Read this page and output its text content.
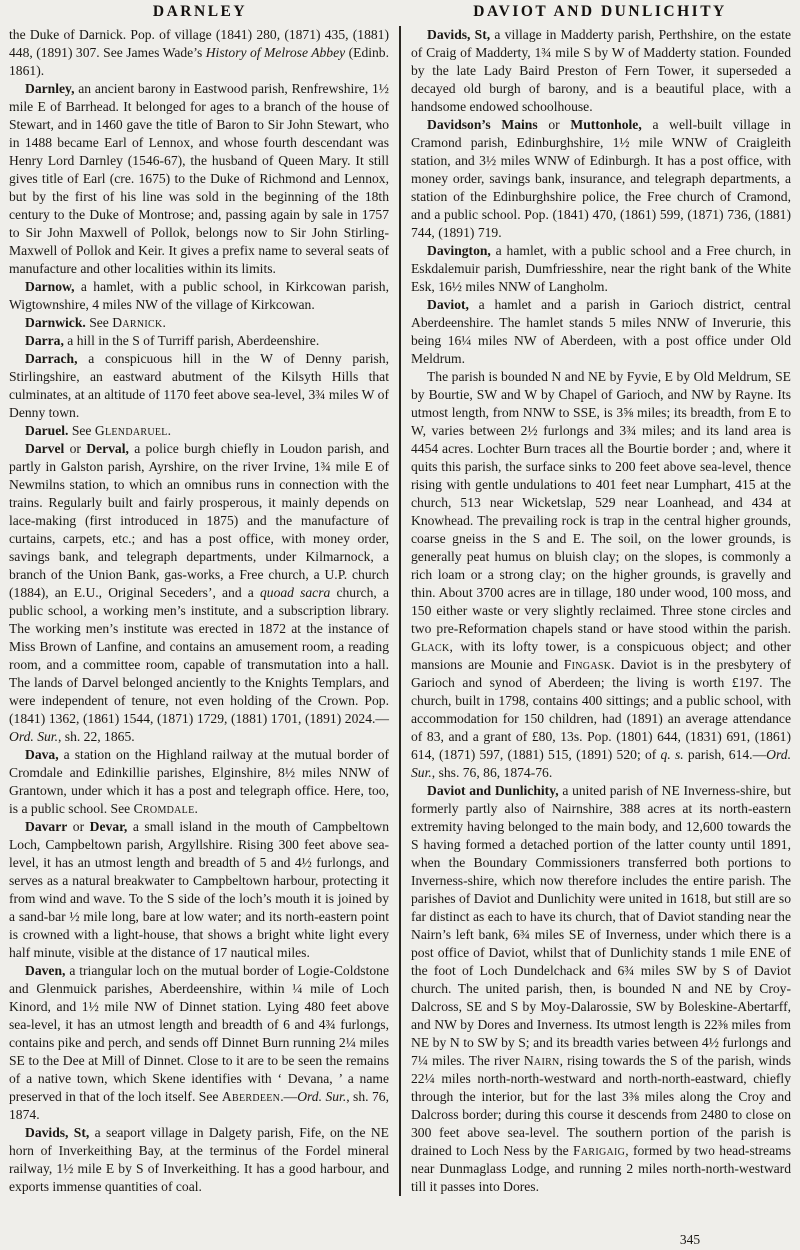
DARNLEY	DAVIOT AND DUNLICHITY

the Duke of Darnick. Pop. of village (1841) 280, (1871) 435, (1881) 448, (1891) 307. See James Wade’s History of Melrose Abbey (Edinb. 1861).

Darnley, an ancient barony in Eastwood parish, Renfrewshire, 1½ mile E of Barrhead. It belonged for ages to a branch of the house of Stewart, and in 1460 gave the title of Baron to Sir John Stewart, who in 1488 became Earl of Lennox, and whose fourth descendant was Henry Lord Darnley (1546-67), the husband of Queen Mary. It still gives title of Earl (cre. 1675) to the Duke of Richmond and Lennox, but by the first of his line was sold in the beginning of the 18th century to the Duke of Montrose; and, passing again by sale in 1757 to Sir John Maxwell of Pollok, belongs now to Sir John Stirling-Maxwell of Pollok and Keir. It gives a prefix name to several seats of manufacture and other localities within its limits.

Darnow, a hamlet, with a public school, in Kirkcowan parish, Wigtownshire, 4 miles NW of the village of Kirkcowan.

Darnwick. See Darnick.

Darra, a hill in the S of Turriff parish, Aberdeenshire.

Darrach, a conspicuous hill in the W of Denny parish, Stirlingshire, an eastward abutment of the Kilsyth Hills that culminates, at an altitude of 1170 feet above sea-level, 3¾ miles W of Denny town.

Daruel. See Glendaruel.

Darvel or Derval, a police burgh chiefly in Loudon parish, and partly in Galston parish, Ayrshire, on the river Irvine, 1¾ mile E of Newmilns station, to which an omnibus runs in connection with the trains. Regularly built and fairly prosperous, it mainly depends on lace-making (first introduced in 1875) and the manufacture of curtains, carpets, etc.; and has a post office, with money order, savings bank, and telegraph departments, under Kilmarnock, a branch of the Union Bank, gas-works, a Free church, a U.P. church (1884), an E.U., Original Seceders’, and a quoad sacra church, a public school, a working men’s institute, and a subscription library. The working men’s institute was erected in 1872 at the instance of Miss Brown of Lanfine, and contains an amusement room, a reading room, and a committee room, capable of transmutation into a hall. The lands of Darvel belonged anciently to the Knights Templars, and were independent of tenure, not even holding of the Crown. Pop. (1841) 1362, (1861) 1544, (1871) 1729, (1881) 1701, (1891) 2024.—Ord. Sur., sh. 22, 1865.

Dava, a station on the Highland railway at the mutual border of Cromdale and Edinkillie parishes, Elginshire, 8½ miles NNW of Grantown, under which it has a post and telegraph office. Here, too, is a public school. See Cromdale.

Davarr or Devar, a small island in the mouth of Campbeltown Loch, Campbeltown parish, Argyllshire. Rising 300 feet above sea-level, it has an utmost length and breadth of 5 and 4½ furlongs, and serves as a natural breakwater to Campbeltown harbour, protecting it from wind and wave. To the S side of the loch’s mouth it is joined by a sand-bar ½ mile long, bare at low water; and its north-eastern point is crowned with a light-house, that shows a bright white light every half minute, visible at the distance of 17 nautical miles.

Daven, a triangular loch on the mutual border of Logie-Coldstone and Glenmuick parishes, Aberdeenshire, within ¼ mile of Loch Kinord, and 1½ mile NW of Dinnet station. Lying 480 feet above sea-level, it has an utmost length and breadth of 6 and 4¾ furlongs, contains pike and perch, and sends off Dinnet Burn running 2¼ miles SE to the Dee at Mill of Dinnet. Close to it are to be seen the remains of a native town, which Skene identifies with ‘ Devana, ’ a name preserved in that of the loch itself. See Aberdeen.—Ord. Sur., sh. 76, 1874.

Davids, St, a seaport village in Dalgety parish, Fife, on the NE horn of Inverkeithing Bay, at the terminus of the Fordel mineral railway, 1½ mile E by S of Inverkeithing. It has a good harbour, and exports immense quantities of coal.

Davids, St, a village in Madderty parish, Perthshire, on the estate of Craig of Madderty, 1¾ mile S by W of Madderty station. Founded by the late Lady Baird Preston of Fern Tower, it superseded a decayed old burgh of barony, and is a beautiful place, with a handsome endowed schoolhouse.

Davidson’s Mains or Muttonhole, a well-built village in Cramond parish, Edinburghshire, 1½ mile WNW of Craigleith station, and 3½ miles WNW of Edinburgh. It has a post office, with money order, savings bank, insurance, and telegraph departments, a station of the Edinburghshire police, the Free church of Cramond, and a public school. Pop. (1841) 470, (1861) 599, (1871) 736, (1881) 744, (1891) 719.

Davington, a hamlet, with a public school and a Free church, in Eskdalemuir parish, Dumfriesshire, near the right bank of the White Esk, 16½ miles NNW of Langholm.

Daviot, a hamlet and a parish in Garioch district, central Aberdeenshire. The hamlet stands 5 miles NNW of Inverurie, this being 16¼ miles NW of Aberdeen, with a post office under Old Meldrum.

The parish is bounded N and NE by Fyvie, E by Old Meldrum, SE by Bourtie, SW and W by Chapel of Garioch, and NW by Rayne. Its utmost length, from NNW to SSE, is 3⅝ miles; its breadth, from E to W, varies between 2½ furlongs and 3¾ miles; and its land area is 4454 acres. Lochter Burn traces all the Bourtie border ; and, where it quits this parish, the surface sinks to 200 feet above sea-level, thence rising with gentle undulations to 401 feet near Lumphart, 415 at the church, 513 near Wicketslap, 529 near Loanhead, and 434 at Knowhead. The prevailing rock is trap in the central higher grounds, coarse gneiss in the S and E. The soil, on the lower grounds, is generally peat humus on bluish clay; on the slopes, is commonly a rich loam or a strong clay; on the higher grounds, is gravelly and thin. About 3700 acres are in tillage, 180 under wood, 100 moss, and 150 either waste or very slightly reclaimed. Three stone circles and two pre-Reformation chapels stand or have stood within the parish. Glack, with its lofty tower, is a conspicuous object; and other mansions are Mounie and Fingask. Daviot is in the presbytery of Garioch and synod of Aberdeen; the living is worth £197. The church, built in 1798, contains 400 sittings; and a public school, with accommodation for 150 children, had (1891) an average attendance of 83, and a grant of £80, 13s. Pop. (1801) 644, (1831) 691, (1861) 614, (1871) 597, (1881) 515, (1891) 520; of q. s. parish, 614.—Ord. Sur., shs. 76, 86, 1874-76.

Daviot and Dunlichity, a united parish of NE Inverness-shire, but formerly partly also of Nairnshire, 388 acres at its north-eastern extremity having belonged to the main body, and 12,600 towards the S having formed a detached portion of the latter county until 1891, when the Boundary Commissioners transferred both portions to Inverness-shire, which now therefore includes the entire parish. The parishes of Daviot and Dunlichity were united in 1618, but still are so far distinct as each to have its church, that of Daviot standing near the Nairn’s left bank, 6¾ miles SE of Inverness, under which there is a post office of Daviot, whilst that of Dunlichity stands 1 mile ENE of the foot of Loch Dundelchack and 6¾ miles SW by S of Daviot church. The united parish, then, is bounded N and NE by Croy-Dalcross, SE and S by Moy-Dalarossie, SW by Boleskine-Abertarff, and NW by Dores and Inverness. Its utmost length is 22⅜ miles from NE by N to SW by S; and its breadth varies between 4½ furlongs and 7¼ miles. The river Nairn, rising towards the S of the parish, winds 22¼ miles north-north-westward and north-north-eastward, chiefly through the interior, but for the last 3⅜ miles along the Croy and Dalcross border; during this course it descends from 2480 to close on 300 feet above sea-level. The southern portion of the parish is drained to Loch Ness by the Farigaig, formed by two head-streams near Dunmaglass Lodge, and running 2 miles north-north-westward till it passes into Dores.

345
